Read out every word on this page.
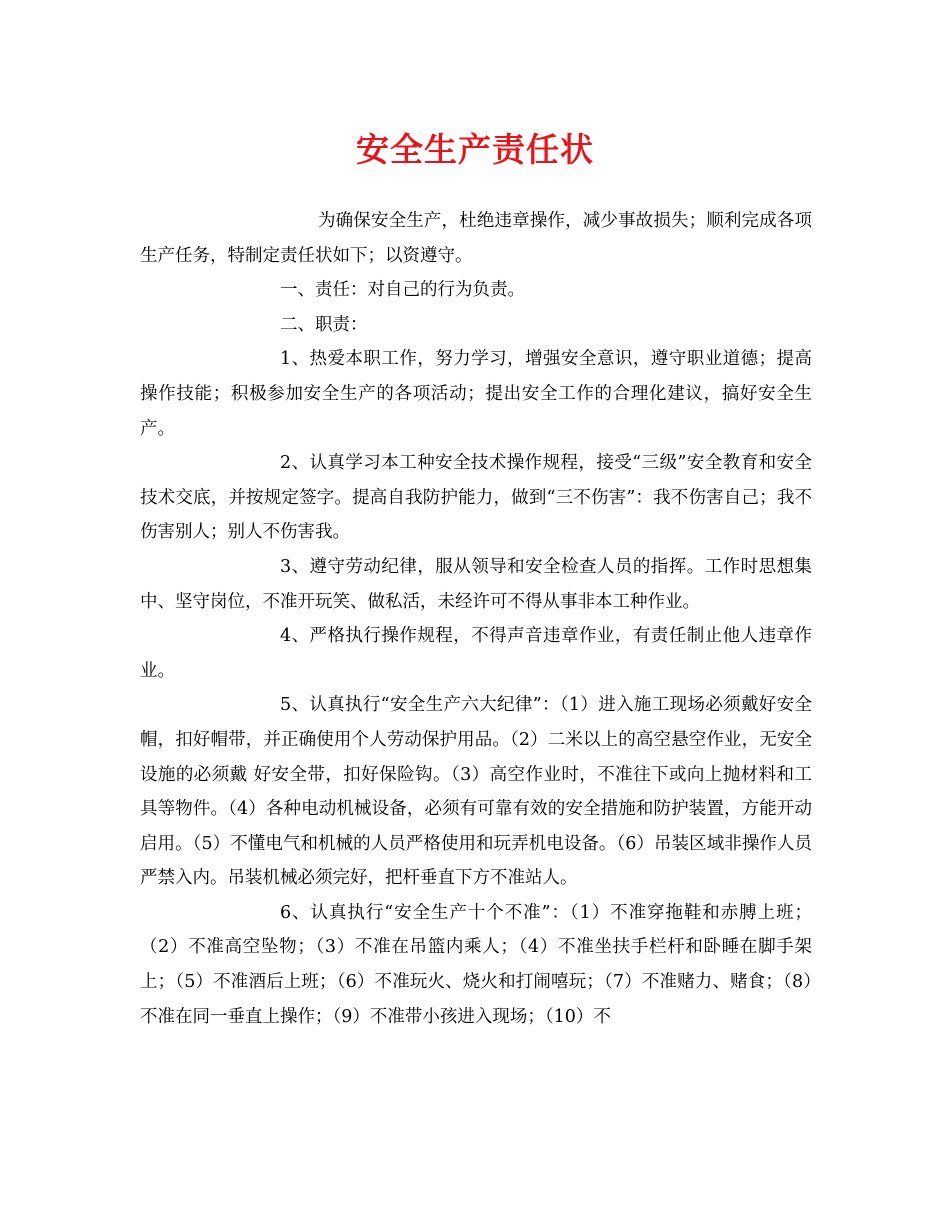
安全生产责任状

为确保安全生产，杜绝违章操作，减少事故损失；顺利完成各项生产任务，特制定责任状如下；以资遵守。

一、责任：对自己的行为负责。

二、职责：

1、热爱本职工作，努力学习，增强安全意识，遵守职业道德；提高操作技能；积极参加安全生产的各项活动；提出安全工作的合理化建议，搞好安全生产。

2、认真学习本工种安全技术操作规程，接受“三级”安全教育和安全技术交底，并按规定签字。提高自我防护能力，做到“三不伤害”：我不伤害自己；我不伤害别人；别人不伤害我。

3、遵守劳动纪律，服从领导和安全检查人员的指挥。工作时思想集中、坚守岗位，不准开玩笑、做私活，未经许可不得从事非本工种作业。

4、严格执行操作规程，不得声音违章作业，有责任制止他人违章作业。

5、认真执行“安全生产六大纪律”：（1）进入施工现场必须戴好安全帽，扣好帽带，并正确使用个人劳动保护用品。（2）二米以上的高空悬空作业，无安全设施的必须戴 好安全带，扣好保险钩。（3）高空作业时，不准往下或向上抛材料和工具等物件。（4）各种电动机械设备，必须有可靠有效的安全措施和防护装置，方能开动启用。（5）不懂电气和机械的人员严格使用和玩弄机电设备。（6）吊装区域非操作人员严禁入内。吊装机械必须完好，把杆垂直下方不准站人。

6、认真执行“安全生产十个不准”：（1）不准穿拖鞋和赤膊上班；（2）不准高空坠物；（3）不准在吊篮内乘人；（4）不准坐扶手栏杆和卧睡在脚手架上；（5）不准酒后上班；（6）不准玩火、烧火和打闹嘻玩；（7）不准赌力、赌食；（8）不准在同一垂直上操作；（9）不准带小孩进入现场；（10）不
